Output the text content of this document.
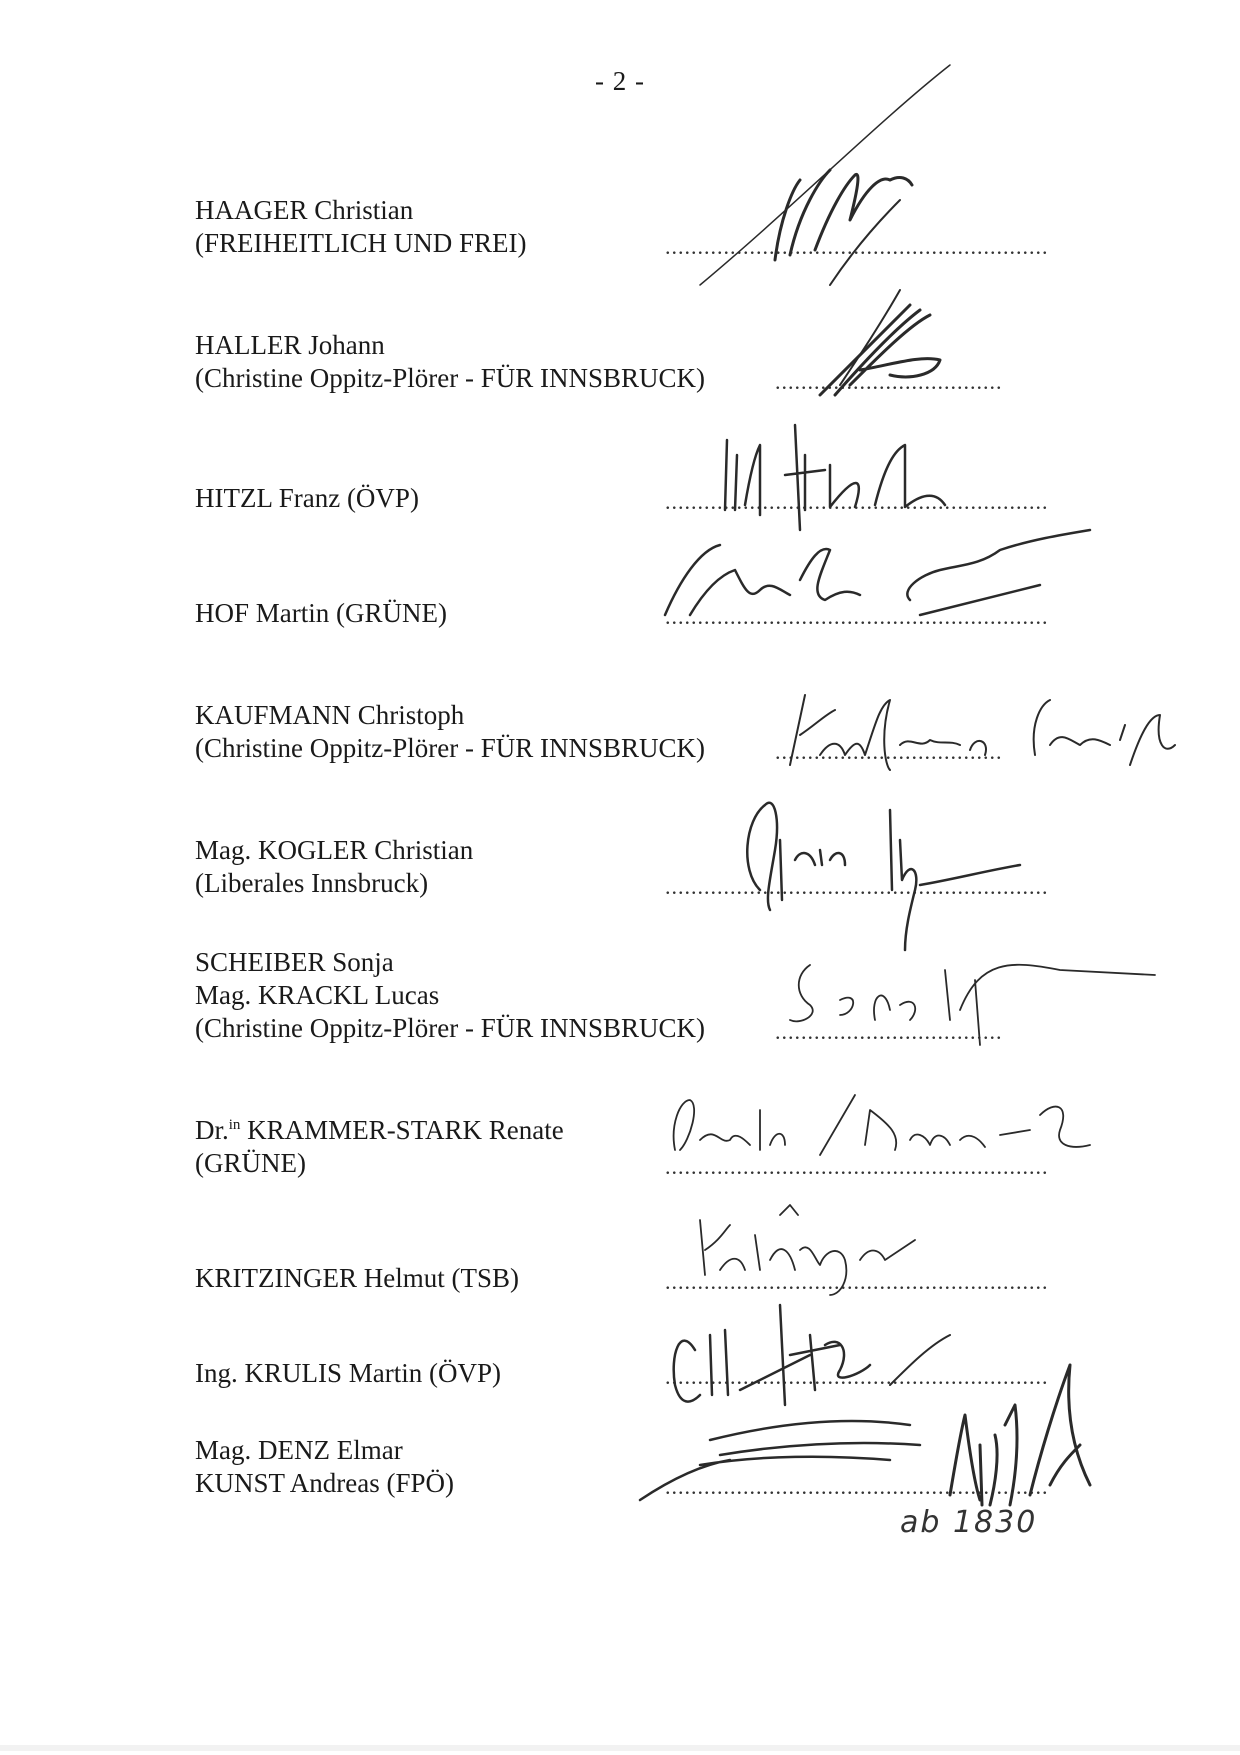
- 2 -
HAAGER Christian
(FREIHEITLICH UND FREI)	...........................................................
HALLER Johann
(Christine Oppitz-Plörer - FÜR INNSBRUCK)	...................................
HITZL Franz (ÖVP)	...........................................................
HOF Martin (GRÜNE)	...........................................................
KAUFMANN Christoph
(Christine Oppitz-Plörer - FÜR INNSBRUCK)	...................................
Mag. KOGLER Christian
(Liberales Innsbruck)	...........................................................
SCHEIBER Sonja
Mag. KRACKL Lucas
(Christine Oppitz-Plörer - FÜR INNSBRUCK)	...................................
Dr.$^{in}$ KRAMMER-STARK Renate
(GRÜNE)	...........................................................
KRITZINGER Helmut (TSB)	...........................................................
Ing. KRULIS Martin (ÖVP)	...........................................................
Mag. DENZ Elmar
KUNST Andreas (FPÖ)	...........................................................
ab 1830
